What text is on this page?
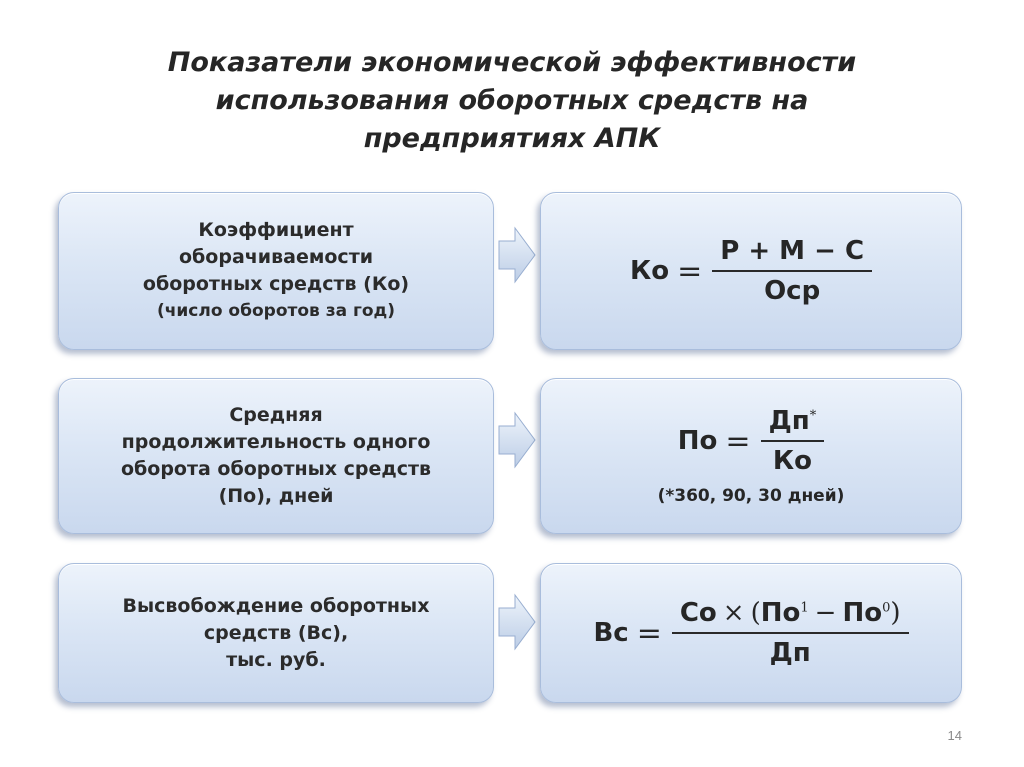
Показатели экономической эффективности
использования оборотных средств на
предприятиях АПК
Коэффициент
оборачиваемости
оборотных средств (Ко)
(число оборотов за год)
Ко = $\frac{Р + М - С}{\text{Оср}}$
Средняя
продолжительность одного
оборота оборотных средств
(По), дней
По = $\frac{Дп^*}{Ко}$
(*360, 90, 30 дней)
Высвобождение оборотных
средств (Вс),
тыс. руб.
Вс = $\frac{Со \times (По^1 - По^0)}{Дп}$
14
